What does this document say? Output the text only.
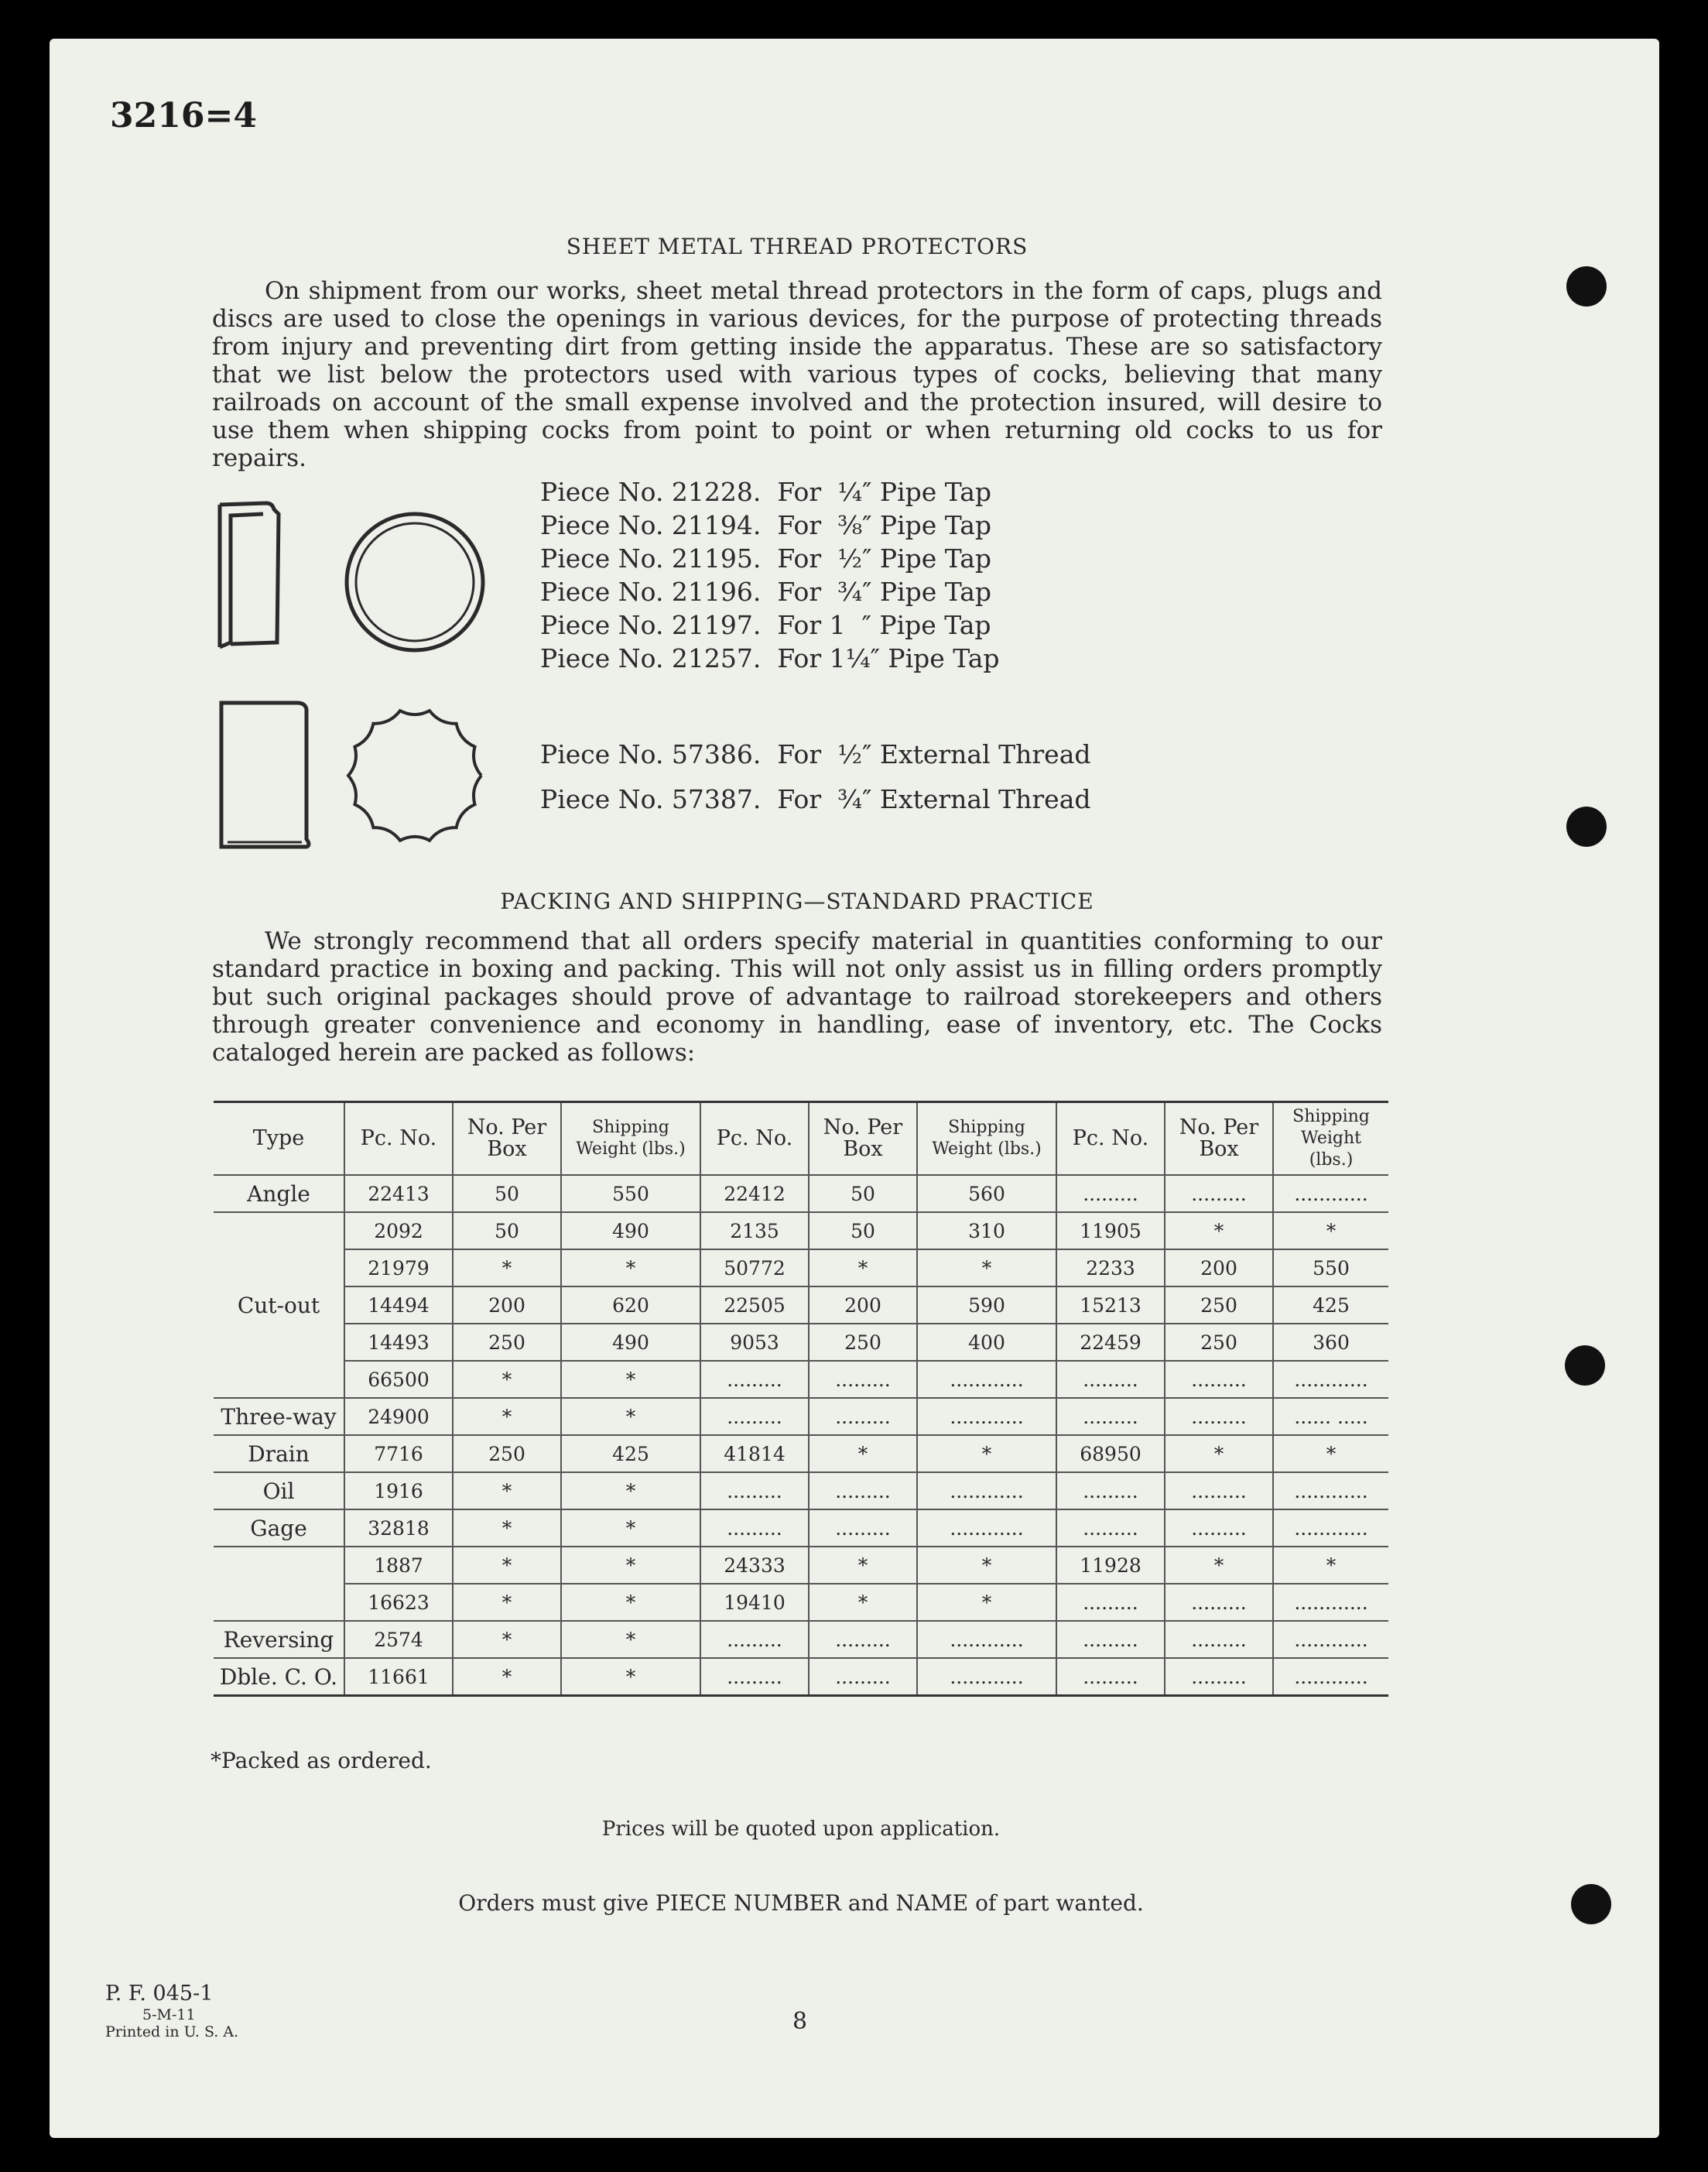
3216=4
SHEET METAL THREAD PROTECTORS

On shipment from our works, sheet metal thread protectors in the form of caps, plugs and discs are used to close the openings in various devices, for the purpose of protecting threads from injury and preventing dirt from getting inside the apparatus. These are so satisfactory that we list below the protectors used with various types of cocks, believing that many railroads on account of the small expense involved and the protection insured, will desire to use them when shipping cocks from point to point or when returning old cocks to us for repairs.

Piece No. 21228.  For  ¼″ Pipe Tap
Piece No. 21194.  For  ⅜″ Pipe Tap
Piece No. 21195.  For  ½″ Pipe Tap
Piece No. 21196.  For  ¾″ Pipe Tap
Piece No. 21197.  For 1  ″ Pipe Tap
Piece No. 21257.  For 1¼″ Pipe Tap
Piece No. 57386.  For  ½″ External Thread
Piece No. 57387.  For  ¾″ External Thread
PACKING AND SHIPPING—STANDARD PRACTICE

We strongly recommend that all orders specify material in quantities conforming to our standard practice in boxing and packing. This will not only assist us in filling orders promptly but such original packages should prove of advantage to railroad storekeepers and others through greater convenience and economy in handling, ease of inventory, etc. The Cocks cataloged herein are packed as follows:

Type	Pc. No.	No. Per Box	Shipping Weight (lbs.)	Pc. No.	No. Per Box	Shipping Weight (lbs.)	Pc. No.	No. Per Box	Shipping Weight (lbs.)
Angle	22413	50	550	22412	50	560	.........	.........	............
	2092	50	490	2135	50	310	11905	*	*
	21979	*	*	50772	*	*	2233	200	550
Cut-out	14494	200	620	22505	200	590	15213	250	425
	14493	250	490	9053	250	400	22459	250	360
	66500	*	*	.........	.........	............	.........	.........	............
Three-way	24900	*	*	.........	.........	............	.........	.........	...... .....
Drain	7716	250	425	41814	*	*	68950	*	*
Oil	1916	*	*	.........	.........	............	.........	.........	............
Gage	32818	*	*	.........	.........	............	.........	.........	............
	1887	*	*	24333	*	*	11928	*	*
	16623	*	*	19410	*	*	.........	.........	............
Reversing	2574	*	*	.........	.........	............	.........	.........	............
Dble. C. O.	11661	*	*	.........	.........	............	.........	.........	............
*Packed as ordered.
Prices will be quoted upon application.
Orders must give PIECE NUMBER and NAME of part wanted.
P. F. 045-1
5-M-11
Printed in U. S. A.	8
